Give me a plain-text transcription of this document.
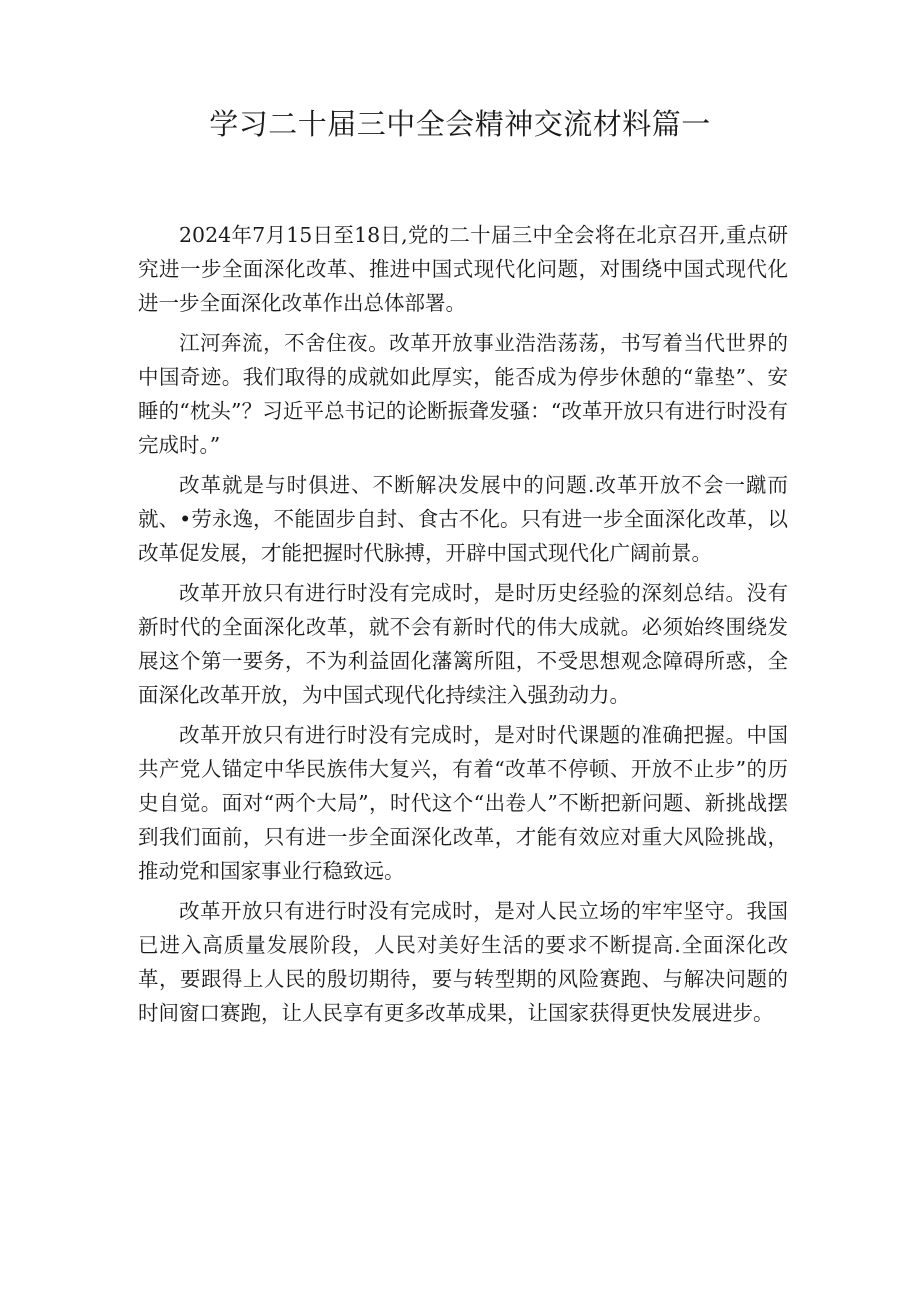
学习二十届三中全会精神交流材料篇一

2024年7月15日至18日,党的二十届三中全会将在北京召开,重点研究进一步全面深化改革、推进中国式现代化问题，对围绕中国式现代化进一步全面深化改革作出总体部署。

江河奔流，不舍住夜。改革开放事业浩浩荡荡，书写着当代世界的中国奇迹。我们取得的成就如此厚实，能否成为停步休憩的“靠垫”、安睡的“枕头”？习近平总书记的论断振聋发骚：“改革开放只有进行时没有完成时。”

改革就是与时俱进、不断解决发展中的问题.改革开放不会一蹴而就、•劳永逸，不能固步自封、食古不化。只有进一步全面深化改革，以改革促发展，才能把握时代脉搏，开辟中国式现代化广阔前景。

改革开放只有进行时没有完成时，是时历史经验的深刻总结。没有新时代的全面深化改革，就不会有新时代的伟大成就。必须始终围绕发展这个第一要务，不为利益固化藩篱所阻，不受思想观念障碍所惑，全面深化改革开放，为中国式现代化持续注入强劲动力。

改革开放只有进行时没有完成时，是对时代课题的准确把握。中国共产党人锚定中华民族伟大复兴，有着“改革不停顿、开放不止步”的历史自觉。面对“两个大局”，时代这个“出卷人”不断把新问题、新挑战摆到我们面前，只有进一步全面深化改革，才能有效应对重大风险挑战，推动党和国家事业行稳致远。

改革开放只有进行时没有完成时，是对人民立场的牢牢坚守。我国已进入高质量发展阶段，人民对美好生活的要求不断提高.全面深化改革，要跟得上人民的殷切期待，要与转型期的风险赛跑、与解决问题的时间窗口赛跑，让人民享有更多改革成果，让国家获得更快发展进步。
